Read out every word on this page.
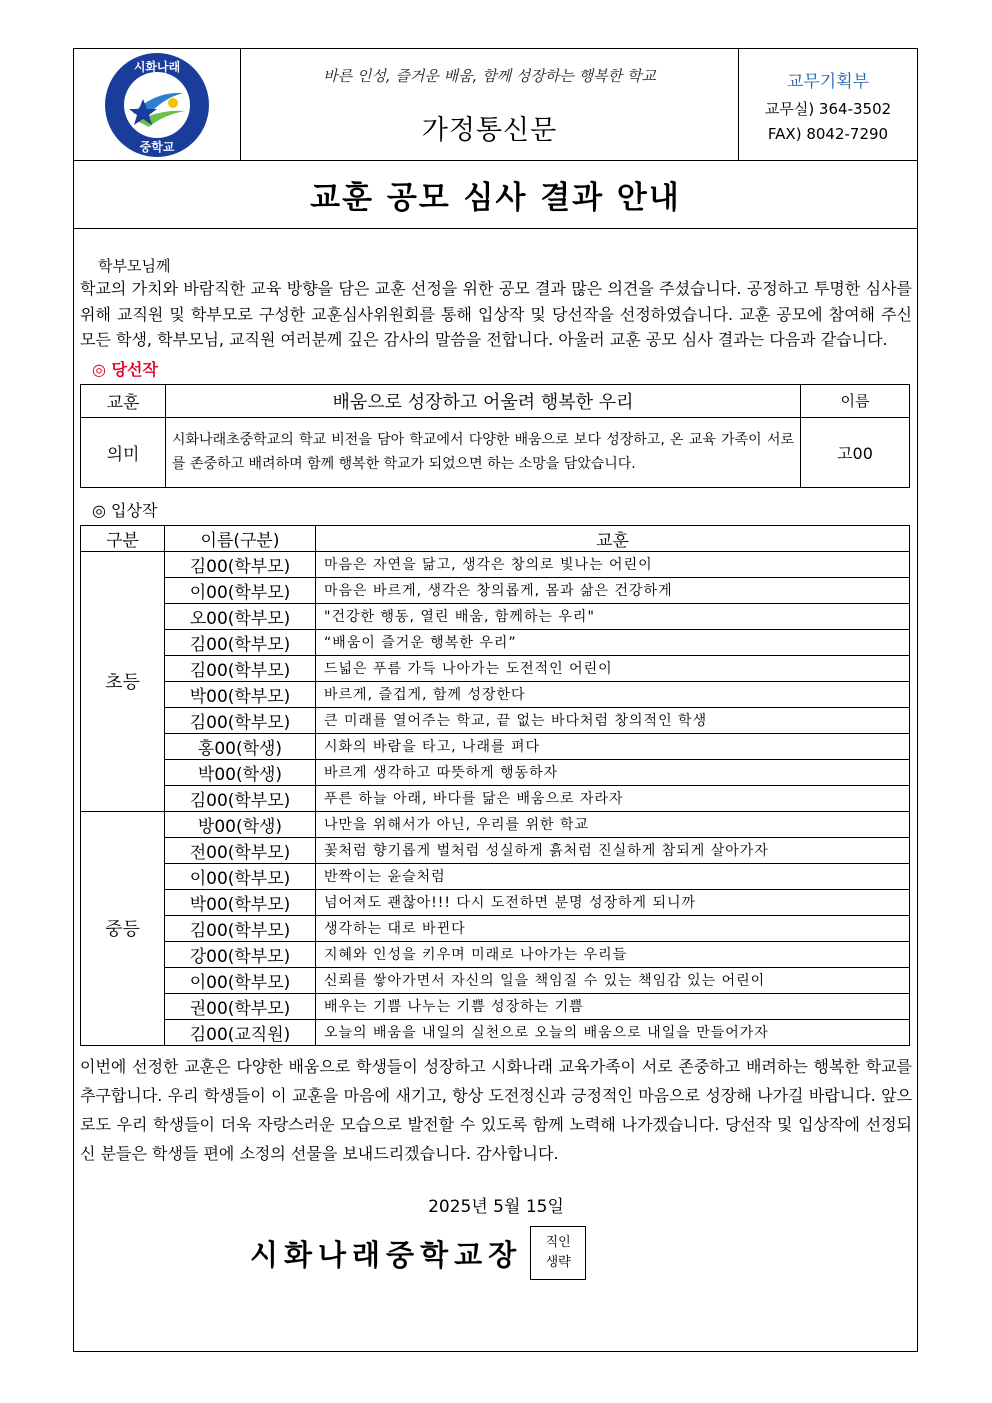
시화나래
중학교
바른 인성, 즐거운 배움, 함께 성장하는 행복한 학교
가정통신문
교무기획부
교무실) 364-3502
FAX) 8042-7290
교훈 공모 심사 결과 안내
학부모님께
학교의 가치와 바람직한 교육 방향을 담은 교훈 선정을 위한 공모 결과 많은 의견을 주셨습니다. 공정하고 투명한 심사를 위해 교직원 및 학부모로 구성한 교훈심사위원회를 통해 입상작 및 당선작을 선정하였습니다. 교훈 공모에 참여해 주신 모든 학생, 학부모님, 교직원 여러분께 깊은 감사의 말씀을 전합니다. 아울러 교훈 공모 심사 결과는 다음과 같습니다.
◎ 당선작
교훈	배움으로 성장하고 어울려 행복한 우리	이름
의미	시화나래초중학교의 학교 비전을 담아 학교에서 다양한 배움으로 보다 성장하고, 온 교육 가족이 서로를 존중하고 배려하며 함께 행복한 학교가 되었으면 하는 소망을 담았습니다.	고00
◎ 입상작
구분	이름(구분)	교훈
초등	김00(학부모)	마음은 자연을 닮고, 생각은 창의로 빛나는 어린이
	이00(학부모)	마음은 바르게, 생각은 창의롭게, 몸과 삶은 건강하게
	오00(학부모)	"건강한 행동, 열린 배움, 함께하는 우리"
	김00(학부모)	“배움이 즐거운 행복한 우리”
	김00(학부모)	드넓은 푸름 가득 나아가는 도전적인 어린이
	박00(학부모)	바르게, 즐겁게, 함께 성장한다
	김00(학부모)	큰 미래를 열어주는 학교, 끝 없는 바다처럼 창의적인 학생
	홍00(학생)	시화의 바람을 타고, 나래를 펴다
	박00(학생)	바르게 생각하고 따뜻하게 행동하자
	김00(학부모)	푸른 하늘 아래, 바다를 닮은 배움으로 자라자
중등	방00(학생)	나만을 위해서가 아닌, 우리를 위한 학교
	전00(학부모)	꽃처럼 향기롭게 벌처럼 성실하게 흙처럼 진실하게 참되게 살아가자
	이00(학부모)	반짝이는 윤슬처럼
	박00(학부모)	넘어져도 괜찮아!!! 다시 도전하면 분명 성장하게 되니까
	김00(학부모)	생각하는 대로 바뀐다
	강00(학부모)	지혜와 인성을 키우며 미래로 나아가는 우리들
	이00(학부모)	신뢰를 쌓아가면서 자신의 일을 책임질 수 있는 책임감 있는 어린이
	권00(학부모)	배우는 기쁨 나누는 기쁨 성장하는 기쁨
	김00(교직원)	오늘의 배움을 내일의 실천으로 오늘의 배움으로 내일을 만들어가자
이번에 선정한 교훈은 다양한 배움으로 학생들이 성장하고 시화나래 교육가족이 서로 존중하고 배려하는 행복한 학교를 추구합니다. 우리 학생들이 이 교훈을 마음에 새기고, 항상 도전정신과 긍정적인 마음으로 성장해 나가길 바랍니다. 앞으로도 우리 학생들이 더욱 자랑스러운 모습으로 발전할 수 있도록 함께 노력해 나가겠습니다. 당선작 및 입상작에 선정되신 분들은 학생들 편에 소정의 선물을 보내드리겠습니다. 감사합니다.
2025년 5월 15일
시화나래중학교장 직인
생략
